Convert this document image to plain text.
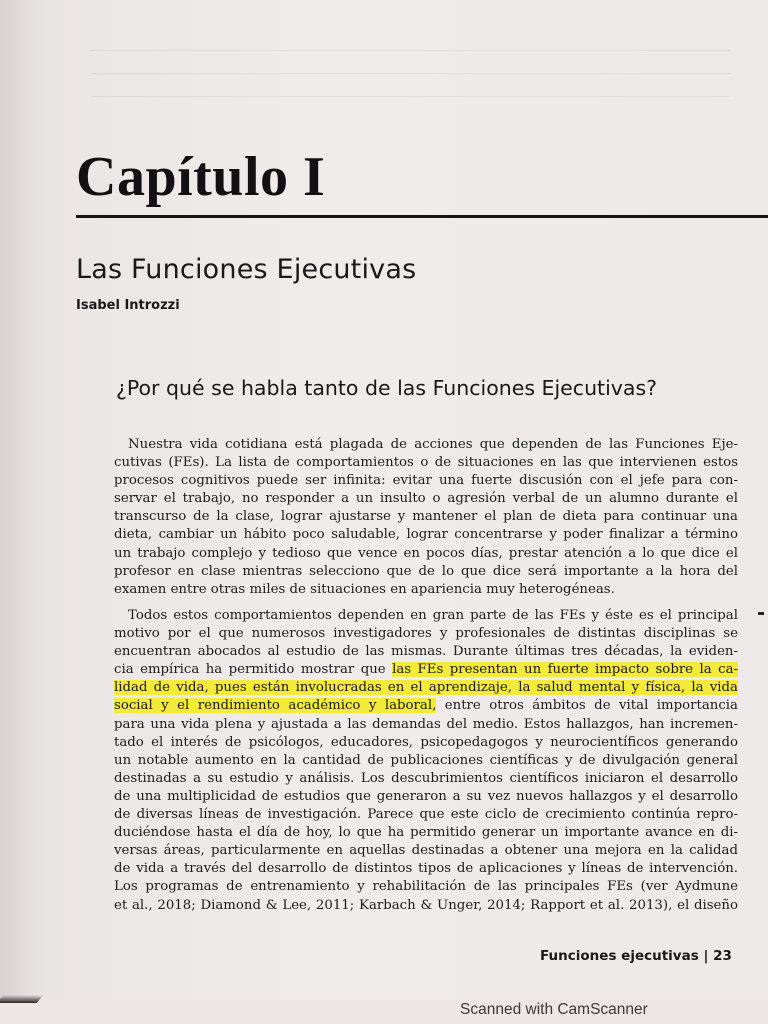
Capítulo I
Las Funciones Ejecutivas
Isabel Introzzi
¿Por qué se habla tanto de las Funciones Ejecutivas?
Nuestra vida cotidiana está plagada de acciones que dependen de las Funciones Eje-
cutivas (FEs). La lista de comportamientos o de situaciones en las que intervienen estos
procesos cognitivos puede ser infinita: evitar una fuerte discusión con el jefe para con-
servar el trabajo, no responder a un insulto o agresión verbal de un alumno durante el
transcurso de la clase, lograr ajustarse y mantener el plan de dieta para continuar una
dieta, cambiar un hábito poco saludable, lograr concentrarse y poder finalizar a término
un trabajo complejo y tedioso que vence en pocos días, prestar atención a lo que dice el
profesor en clase mientras selecciono que de lo que dice será importante a la hora del
examen entre otras miles de situaciones en apariencia muy heterogéneas.
Todos estos comportamientos dependen en gran parte de las FEs y éste es el principal
motivo por el que numerosos investigadores y profesionales de distintas disciplinas se
encuentran abocados al estudio de las mismas. Durante últimas tres décadas, la eviden-
cia empírica ha permitido mostrar que las FEs presentan un fuerte impacto sobre la ca-
lidad de vida, pues están involucradas en el aprendizaje, la salud mental y física, la vida
social y el rendimiento académico y laboral, entre otros ámbitos de vital importancia
para una vida plena y ajustada a las demandas del medio. Estos hallazgos, han incremen-
tado el interés de psicólogos, educadores, psicopedagogos y neurocientíficos generando
un notable aumento en la cantidad de publicaciones científicas y de divulgación general
destinadas a su estudio y análisis. Los descubrimientos científicos iniciaron el desarrollo
de una multiplicidad de estudios que generaron a su vez nuevos hallazgos y el desarrollo
de diversas líneas de investigación. Parece que este ciclo de crecimiento continúa repro-
duciéndose hasta el día de hoy, lo que ha permitido generar un importante avance en di-
versas áreas, particularmente en aquellas destinadas a obtener una mejora en la calidad
de vida a través del desarrollo de distintos tipos de aplicaciones y líneas de intervención.
Los programas de entrenamiento y rehabilitación de las principales FEs (ver Aydmune
et al., 2018; Diamond & Lee, 2011; Karbach & Unger, 2014; Rapport et al. 2013), el diseño
Funciones ejecutivas | 23
Scanned with CamScanner
